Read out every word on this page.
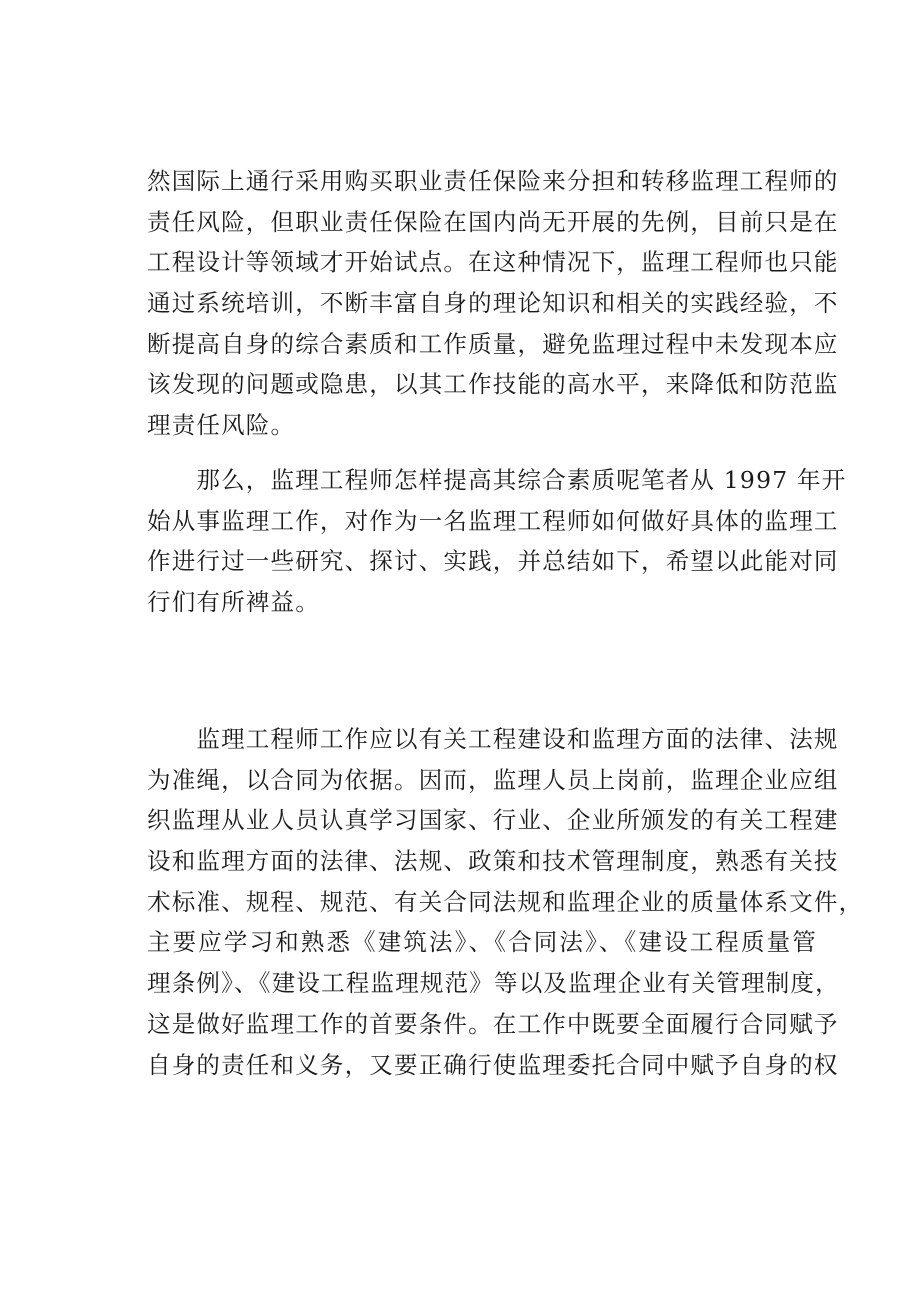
然国际上通行采用购买职业责任保险来分担和转移监理工程师的
责任风险，但职业责任保险在国内尚无开展的先例，目前只是在
工程设计等领域才开始试点。在这种情况下，监理工程师也只能
通过系统培训，不断丰富自身的理论知识和相关的实践经验，不
断提高自身的综合素质和工作质量，避免监理过程中未发现本应
该发现的问题或隐患，以其工作技能的高水平，来降低和防范监
理责任风险。
　　那么，监理工程师怎样提高其综合素质呢笔者从 1997 年开
始从事监理工作，对作为一名监理工程师如何做好具体的监理工
作进行过一些研究、探讨、实践，并总结如下，希望以此能对同
行们有所裨益。
　　监理工程师工作应以有关工程建设和监理方面的法律、法规
为准绳，以合同为依据。因而，监理人员上岗前，监理企业应组
织监理从业人员认真学习国家、行业、企业所颁发的有关工程建
设和监理方面的法律、法规、政策和技术管理制度，熟悉有关技
术标准、规程、规范、有关合同法规和监理企业的质量体系文件，
主要应学习和熟悉《建筑法》、《合同法》、《建设工程质量管
理条例》、《建设工程监理规范》等以及监理企业有关管理制度，
这是做好监理工作的首要条件。在工作中既要全面履行合同赋予
自身的责任和义务，又要正确行使监理委托合同中赋予自身的权
